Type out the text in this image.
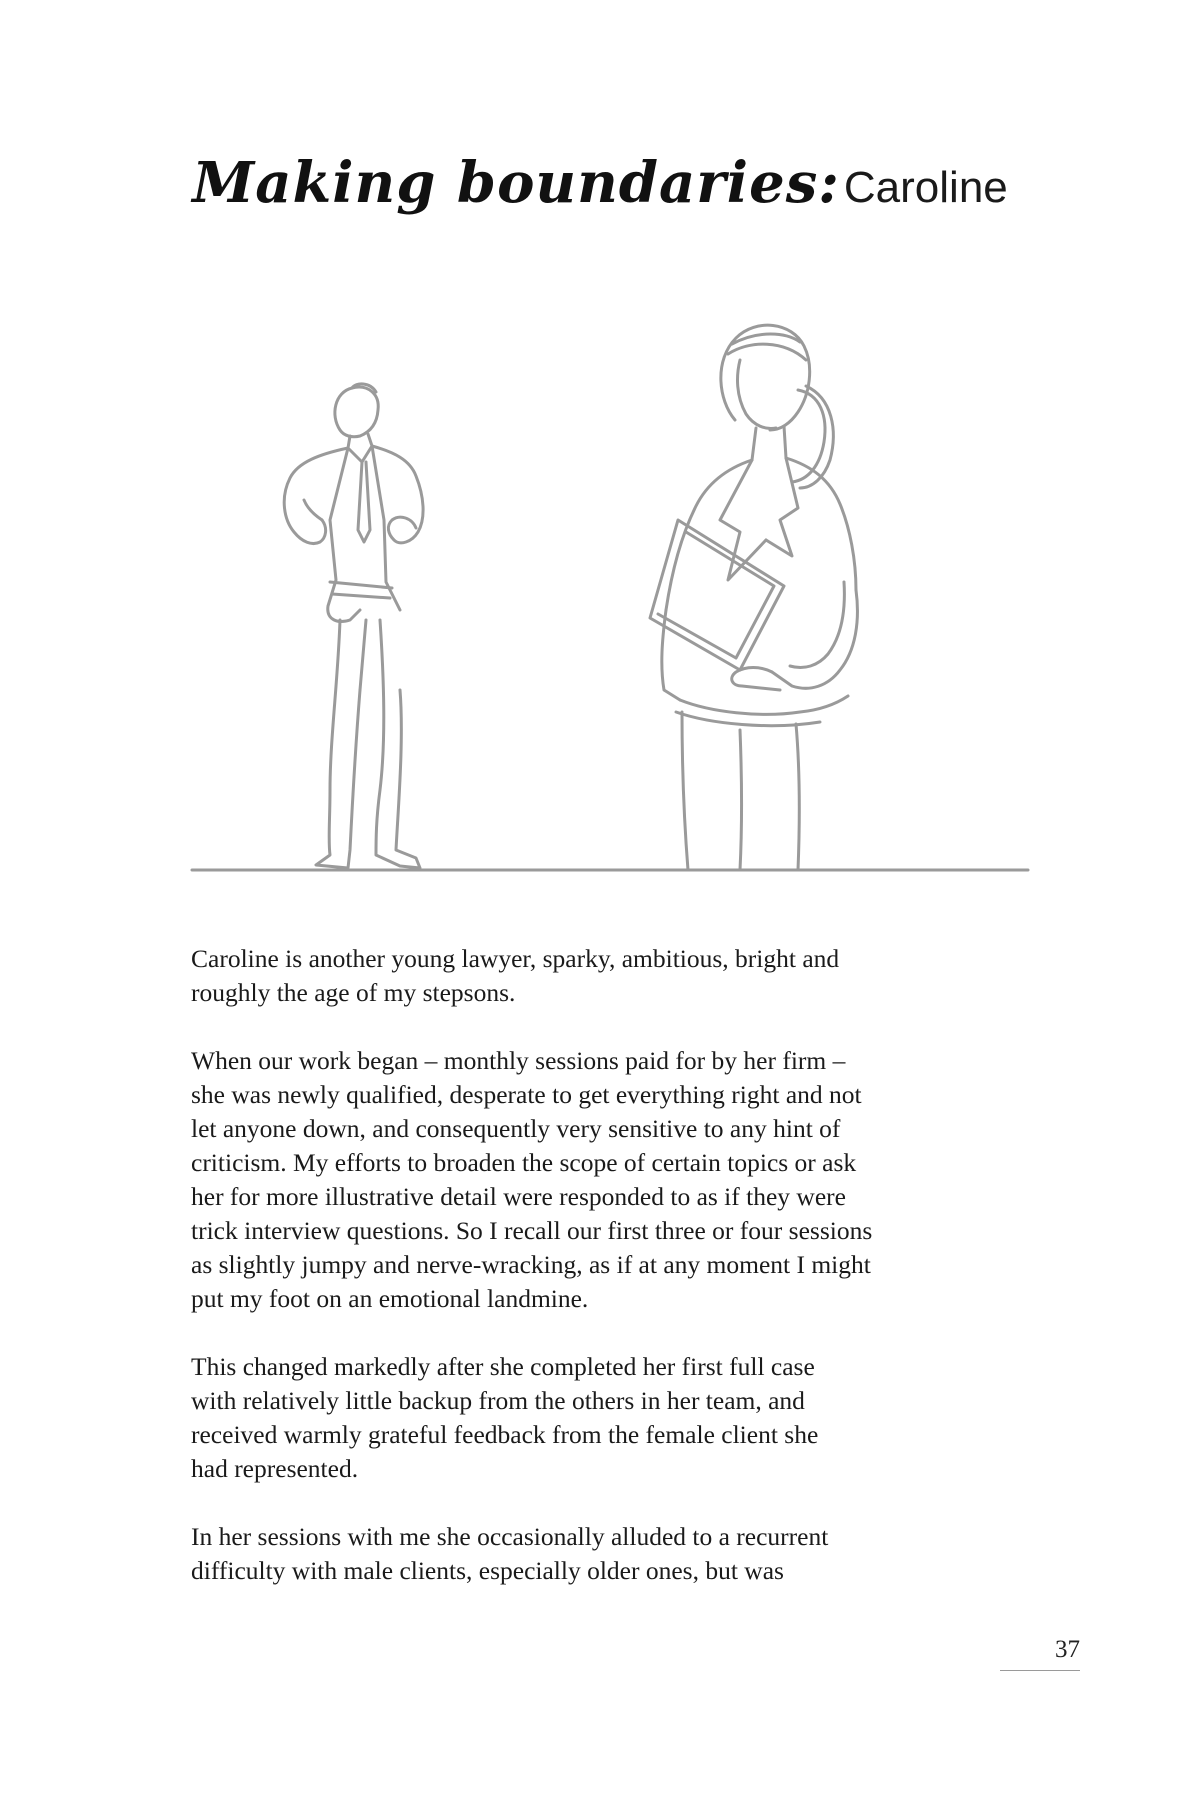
Making boundaries: Caroline

Caroline is another young lawyer, sparky, ambitious, bright and
roughly the age of my stepsons.

When our work began – monthly sessions paid for by her firm –
she was newly qualified, desperate to get everything right and not
let anyone down, and consequently very sensitive to any hint of
criticism. My efforts to broaden the scope of certain topics or ask
her for more illustrative detail were responded to as if they were
trick interview questions. So I recall our first three or four sessions
as slightly jumpy and nerve-wracking, as if at any moment I might
put my foot on an emotional landmine.

This changed markedly after she completed her first full case
with relatively little backup from the others in her team, and
received warmly grateful feedback from the female client she
had represented.

In her sessions with me she occasionally alluded to a recurrent
difficulty with male clients, especially older ones, but was

37
